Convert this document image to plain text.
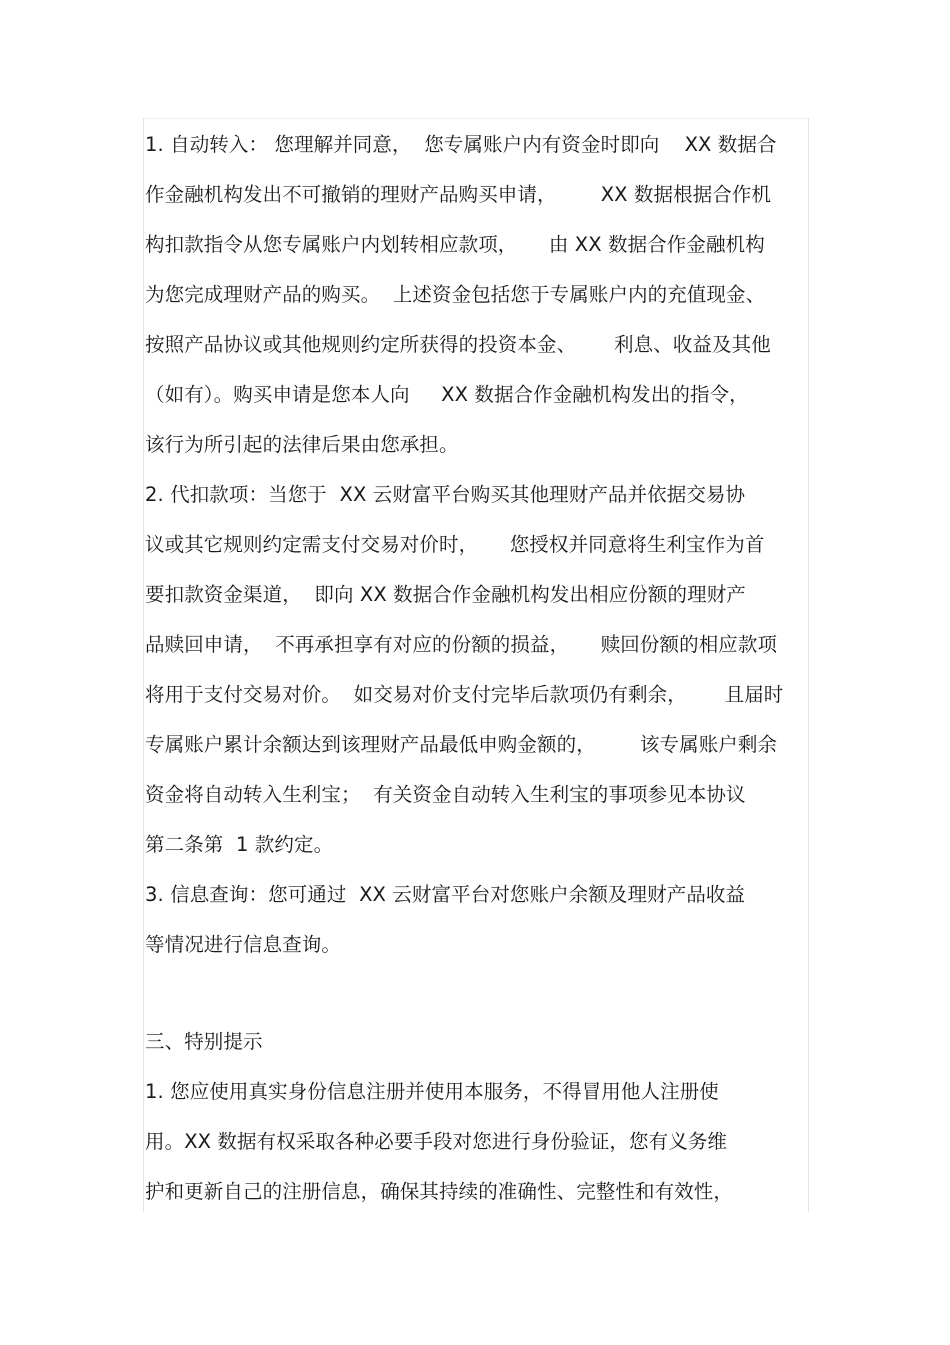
1. 自动转入： 您理解并同意，  您专属账户内有资金时即向    XX 数据合
作金融机构发出不可撤销的理财产品购买申请，       XX 数据根据合作机
构扣款指令从您专属账户内划转相应款项，     由 XX 数据合作金融机构
为您完成理财产品的购买。  上述资金包括您于专属账户内的充值现金、
按照产品协议或其他规则约定所获得的投资本金、      利息、收益及其他
（如有）。购买申请是您本人向     XX 数据合作金融机构发出的指令，
该行为所引起的法律后果由您承担。
2. 代扣款项：当您于  XX 云财富平台购买其他理财产品并依据交易协
议或其它规则约定需支付交易对价时，     您授权并同意将生利宝作为首
要扣款资金渠道，  即向 XX 数据合作金融机构发出相应份额的理财产
品赎回申请，  不再承担享有对应的份额的损益，     赎回份额的相应款项
将用于支付交易对价。  如交易对价支付完毕后款项仍有剩余，      且届时
专属账户累计余额达到该理财产品最低申购金额的，       该专属账户剩余
资金将自动转入生利宝；  有关资金自动转入生利宝的事项参见本协议
第二条第  1 款约定。
3. 信息查询：您可通过  XX 云财富平台对您账户余额及理财产品收益
等情况进行信息查询。
三、特别提示
1. 您应使用真实身份信息注册并使用本服务，不得冒用他人注册使
用。XX 数据有权采取各种必要手段对您进行身份验证，您有义务维
护和更新自己的注册信息，确保其持续的准确性、完整性和有效性，
